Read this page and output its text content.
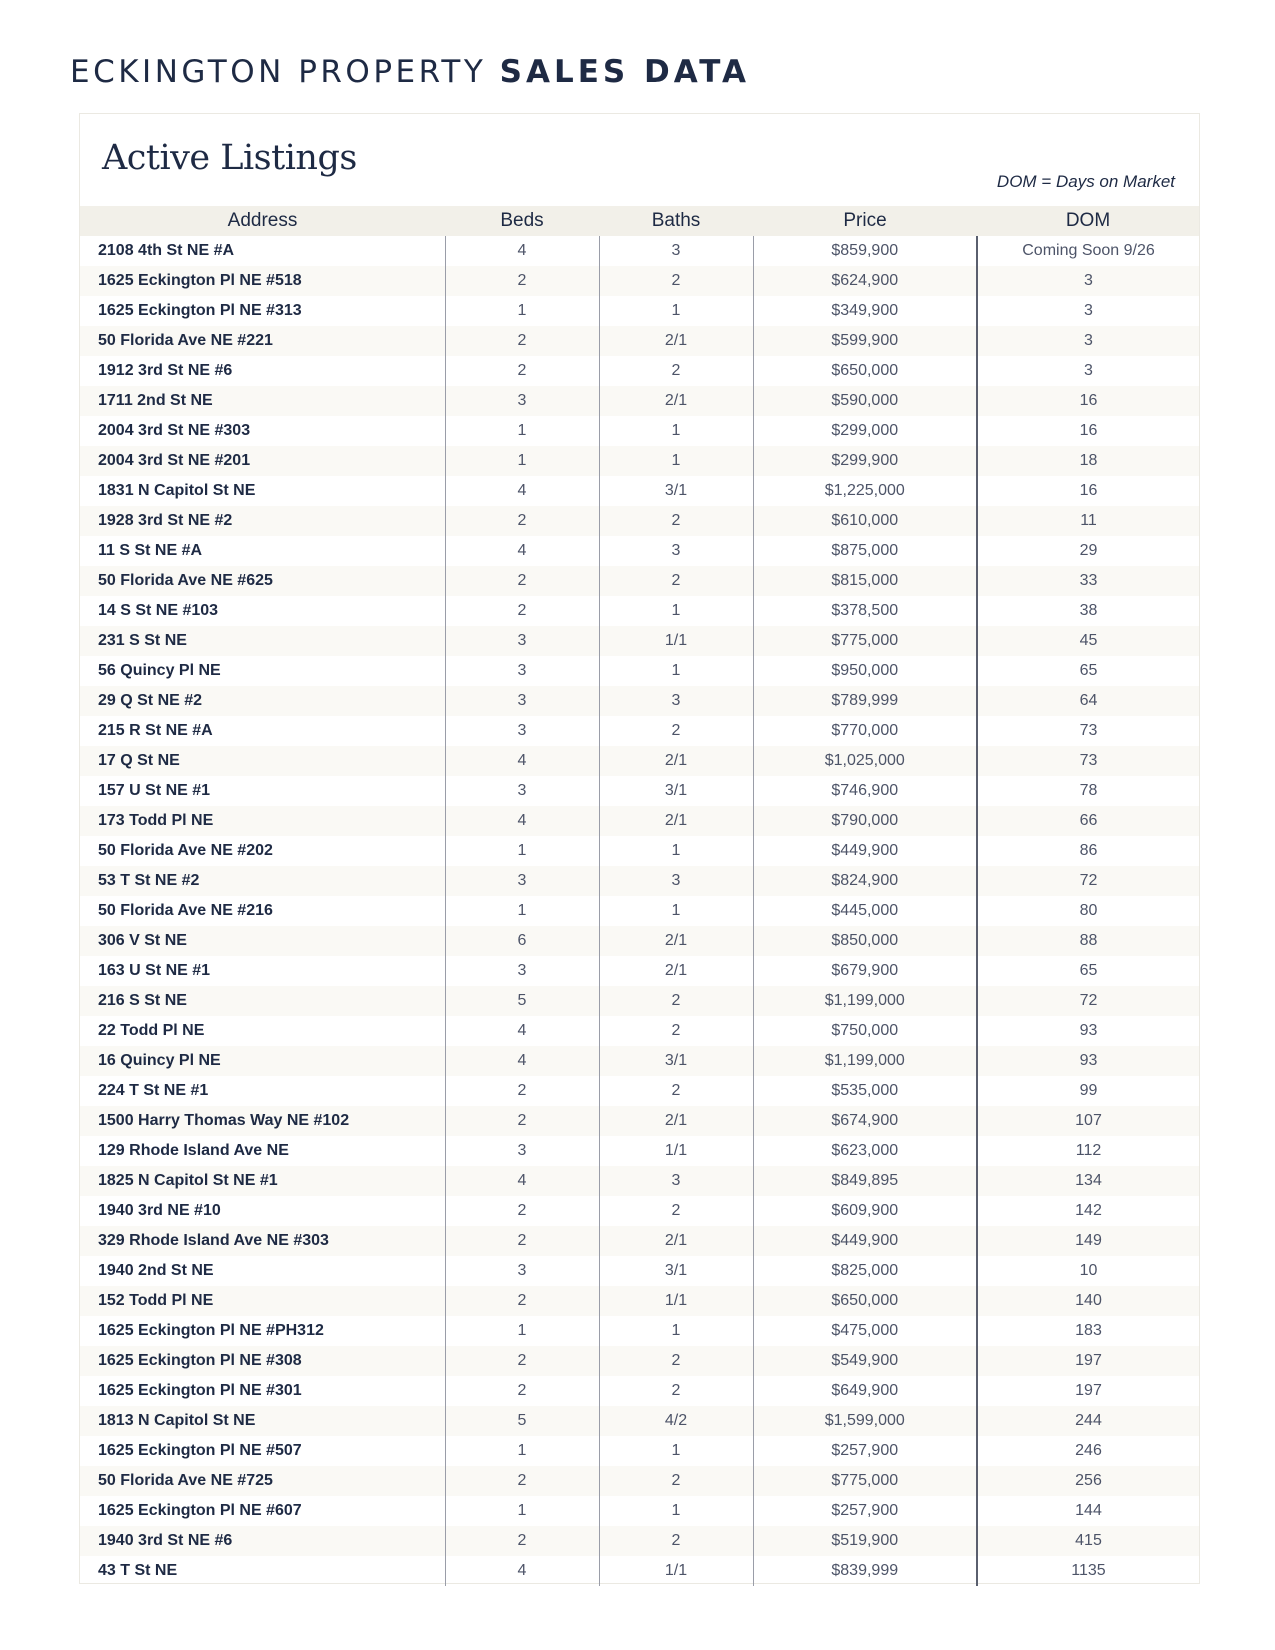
ECKINGTON PROPERTY SALES DATA
Active Listings
DOM = Days on Market
Address	Beds	Baths	Price	DOM
2108 4th St NE #A	4	3	$859,900	Coming Soon 9/26
1625 Eckington Pl NE #518	2	2	$624,900	3
1625 Eckington Pl NE #313	1	1	$349,900	3
50 Florida Ave NE #221	2	2/1	$599,900	3
1912 3rd St NE #6	2	2	$650,000	3
1711 2nd St NE	3	2/1	$590,000	16
2004 3rd St NE #303	1	1	$299,000	16
2004 3rd St NE #201	1	1	$299,900	18
1831 N Capitol St NE	4	3/1	$1,225,000	16
1928 3rd St NE #2	2	2	$610,000	11
11 S St NE #A	4	3	$875,000	29
50 Florida Ave NE #625	2	2	$815,000	33
14 S St NE #103	2	1	$378,500	38
231 S St NE	3	1/1	$775,000	45
56 Quincy Pl NE	3	1	$950,000	65
29 Q St NE #2	3	3	$789,999	64
215 R St NE #A	3	2	$770,000	73
17 Q St NE	4	2/1	$1,025,000	73
157 U St NE #1	3	3/1	$746,900	78
173 Todd Pl NE	4	2/1	$790,000	66
50 Florida Ave NE #202	1	1	$449,900	86
53 T St NE #2	3	3	$824,900	72
50 Florida Ave NE #216	1	1	$445,000	80
306 V St NE	6	2/1	$850,000	88
163 U St NE #1	3	2/1	$679,900	65
216 S St NE	5	2	$1,199,000	72
22 Todd Pl NE	4	2	$750,000	93
16 Quincy Pl NE	4	3/1	$1,199,000	93
224 T St NE #1	2	2	$535,000	99
1500 Harry Thomas Way NE #102	2	2/1	$674,900	107
129 Rhode Island Ave NE	3	1/1	$623,000	112
1825 N Capitol St NE #1	4	3	$849,895	134
1940 3rd NE #10	2	2	$609,900	142
329 Rhode Island Ave NE #303	2	2/1	$449,900	149
1940 2nd St NE	3	3/1	$825,000	10
152 Todd Pl NE	2	1/1	$650,000	140
1625 Eckington Pl NE #PH312	1	1	$475,000	183
1625 Eckington Pl NE #308	2	2	$549,900	197
1625 Eckington Pl NE #301	2	2	$649,900	197
1813 N Capitol St NE	5	4/2	$1,599,000	244
1625 Eckington Pl NE #507	1	1	$257,900	246
50 Florida Ave NE #725	2	2	$775,000	256
1625 Eckington Pl NE #607	1	1	$257,900	144
1940 3rd St NE #6	2	2	$519,900	415
43 T St NE	4	1/1	$839,999	1135
